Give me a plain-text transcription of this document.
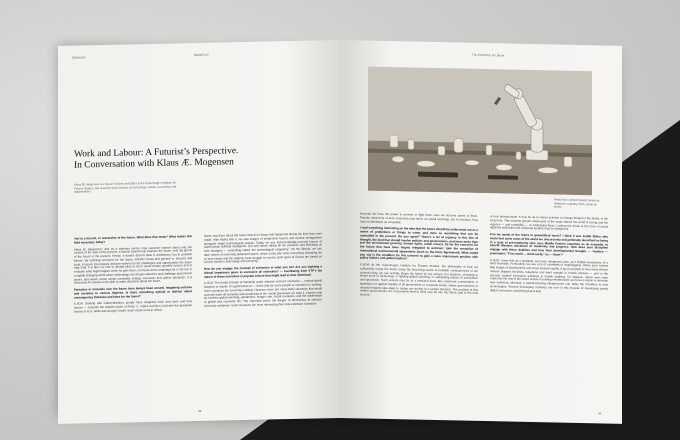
Distinction
NODES 07
Work and Labour: A Futurist’s Perspective.
In Conversation with Klaus Æ. Mogensen
Klaus Æ. Mogensen is a Senior Futurist and Editor at the Copenhagen Institute for Futures Studies. His research work focuses on technology, culture, economics and organisations.

You’re a futurist, or researcher of the future. What does that mean? What makes this field necessary today?

Klaus Æ. Mogensen: Just as a historian carries may convince himself about only the content of the past of the present, a futurist cannot truly examine the future, only the germs of the future in the present. Hence, a futurist doesn’t deal in predictions, but in possible futures. By outlining scenarios for the future, whether broad and general or focused and local, a futurist can prepare decision-makers for the challenges and opportunities the future may hold. It is also our role to identify what to do to avoid certain possible futures and to evaluate what might happen when for girls there, not those at the roadmaps for it. We live in a rapidly changing world where technology can disrupt industries and challenge government power, and where social trends constantly change consumer and worker demands. It is necessary for anyone to be able to make decisions about the future.

Fantasies or anxieties over the future have always been around. Imagining cultures and societies to various degrees. Is there something special or distinct about contemporary fantasies and fears for the future?

K.Æ.M: Starting with industrialisation, people have imagined more and more and how futures — compare the utopian works of Arthur C. Clarke and Ben Ovid with the dystopian visions of H.G. Wells and George Orwell. Such visions tend to reflect

hopes and fears about the future based on things that happened during the time they were made. After World War II, we saw images of modernism futures and nuclear armageddon alongside bright technological utopias. Today, we see technocratically-oriented futures of superhuman artificial intelligence (AI) and robots taking all our positions and liberating us from drudgery — something called ‘the technological singularity’. On the flipside, we see dark visions of extremely polarised futures, where a tiny elite owns everything (including the AI and robots) and the majority must struggle to survive. Both types of visions are based on current trends in technology and economy.

How do you engage the concept of extinction in what you do? Are you sighting a dismal impatience given to excessive all extinction? — Facilitating from VTP’s the nature of these narratives in popular culture that might lead to their dismissal.

K.Æ.M: The broad concept of humanity under massive extreme scenarios — natural global hotspots or master of superhuman AI — these that for some people or extinction to nothing. Such scenarios are extremely unlikely. However, there are many likely scenarios that would severely harm all humanity and would lead to the ‘social downward’ we write it. Causes may be extreme global warming, pandemics, hunger, war, social revolution, and the polarisation of global and economic life. The important trend: the danger of democracy at massive economic meltdown. Such scenarios are more interesting than total extinction scenarios

48
The Extinction of Labour
Photo from Limited Supply Series by Willemien Gatenby 2016, photo by studio

because we have the power to prevent or fight them once we become aware of them. Popular depictions of such scenarios may serve as useful warnings, but if overdone, they may be dismissed as unrealistic.

I read something interesting on the idea that the future should be understood not as a series of predictions or things to come, and more as something that can be controlled in the present. Do you agree? There’s a lot of urgency in this line of thought, the kind that should involve policies and governments, and more areas than just the environment (poverty, human rights, urban crises). So for the concerns for the future that have been largely relegated to activism: take the exception of international environmental agreements (such as the Paris Agreement). What would you say is the condition for this concern to gain a more mainstream position with policy makers and global leaders?

K.Æ.M: At the Copenhagen Institute for Futures Studies, the philosophy is that we collectively create the future today. By becoming aware of possible consequences of our actions today, we can actively shape the future by our actions. For instance, choosing to invest more in technology or fighting global warming, or addressing issues of automation and ignorance. Such actions may be at a personal level, like conscious consumption or speaking out against legality of all government or corporate levels, where governments or decision-makers take steps to nudge our society in a certain direction. The problem is that neither governments nor corporations tend to think very far into the future, just to the next election

or next annual report. It may be up to citizen activism to change things for the better, in the long term. This requires greater awareness of the major issues the world is facing and the urgency — and possibility — of addressing them. Looking the future is the force of social agitators politicians and corporate leaders may be dangerous.

Can we speak of the future in geopolitical terms? I think it was Judith Butler who wrote that some areas of the world are discursively and politically described as being in a state of pre-modernity (she uses Middle Eastern countries as an example), to benefit Western narratives of modernity and progress. How does your discipline engage with these dualities and how their developmental thought — ‘modern — premodern,’ ‘First world — third world,’ ‘us — them’?

K.Æ.M: I view this as a simplistic and even dangerous view, as it implies acceptance of a hard boundary. Fortunately, we see a lot of examples of ‘leapfrogging’, where poor nations skip stages of development and move forward rapidly. A good example is how many African nations skipped fixed-line telephony and went straight to mobile phones — and in the process created innovative solutions in mobile banking, for instance, which were later copied by the rest of the world. A lack of existing infrastructure can force a nation to innovate new solutions, whereas a well-functioning infrastructure can delay the transition to new technologies. Several developing countries are now in the process of developing purely digital currencies, something that is less

49
